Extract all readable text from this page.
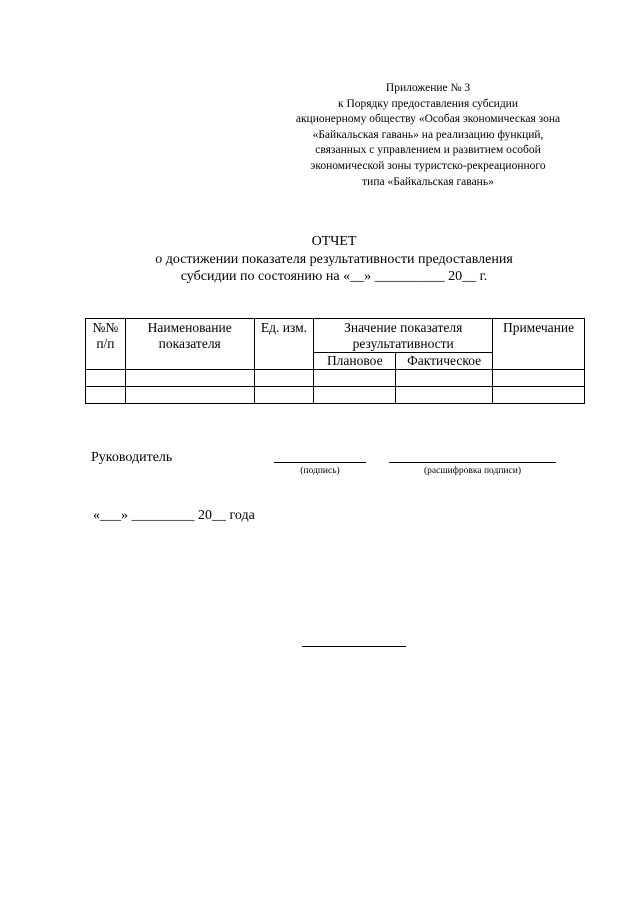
Приложение № 3
к Порядку предоставления субсидии
акционерному обществу «Особая экономическая зона
«Байкальская гавань» на реализацию функций,
связанных с управлением и развитием особой
экономической зоны туристско-рекреационного
типа «Байкальская гавань»
ОТЧЕТ
о достижении показателя результативности предоставления
субсидии по состоянию на «__» __________ 20__ г.
№№ п/п	Наименование показателя	Ед. изм.	Значение показателя результативности		Примечание
			Плановое	Фактическое	

Руководитель
(подпись)	(расшифровка подписи)
«___» _________ 20__ года
